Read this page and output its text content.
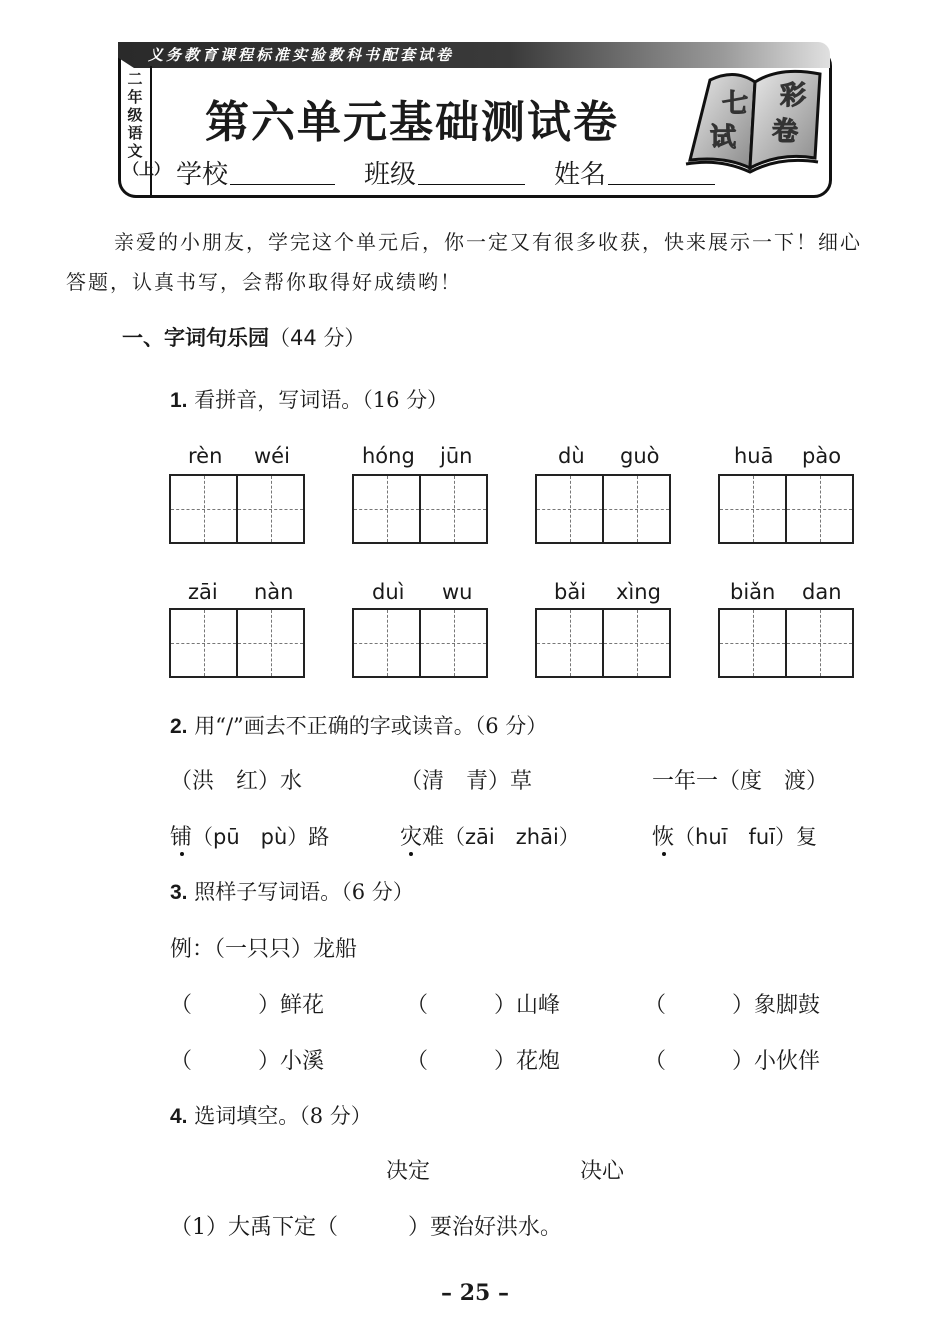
义务教育课程标准实验教科书配套试卷
二年级语文（上）
第六单元基础测试卷
学校	班级	姓名
七 彩
试 卷
亲爱的小朋友，学完这个单元后，你一定又有很多收获，快来展示一下！细心
答题，认真书写，会帮你取得好成绩哟！
一、字词句乐园（44 分）
1. 看拼音，写词语。（16 分）
rèn wéi	hóng jūn	dù guò	huā pào
zāi nàn	duì wu	bǎi xìng	biǎn dan
2. 用“/”画去不正确的字或读音。（6 分）
（洪　红）水	（清　青）草	一年一（度　渡）
铺（pū　pù）路	灾难（zāi　zhāi）	恢（huī　fuī）复
3. 照样子写词语。（6 分）
例：（一只只）龙船
（　　　）鲜花	（　　　）山峰	（　　　）象脚鼓
（　　　）小溪	（　　　）花炮	（　　　）小伙伴
4. 选词填空。（8 分）
决定	决心
（1）大禹下定（	）要治好洪水。
– 25 –
